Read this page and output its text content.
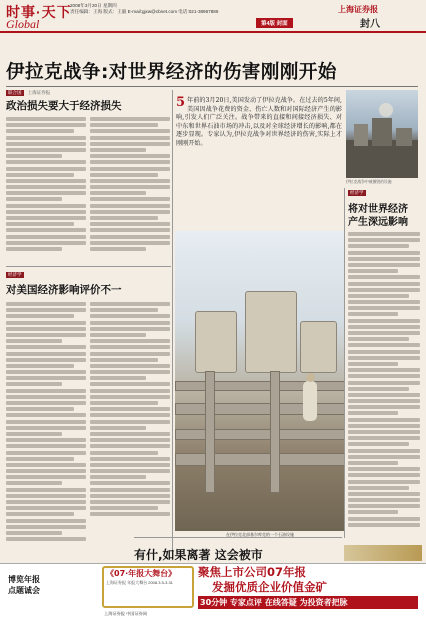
时事·天下
Global
2008年3月20日 星期四
责任编辑：王海 版式：王毅 E-mail:gjxw@cbnet.com 电话:021-38967886
第4版 封面
上海证券报
封八
伊拉克战争:对世界经济的伤害刚刚开始
联合国 上海证券报
政治损失要大于经济损失
经济学
对美国经济影响评价不一
5 年前的3月20日,美国发动了伊拉克战争。在过去的5年间,美国因战争花费的资金、伤亡人数和对国际经济产生的影响,引发人们广泛关注。战争带来的直接和间接经济损失、对中东和世界石油市场的冲击,以及对全球经济增长的影响,都在逐步显现。专家认为,伊拉克战争对世界经济的伤害,实际上才刚刚开始。
伊拉克战争中被摧毁的设施
在伊拉克北部基尔库克的一个石油设施
经济学
将对世界经济
产生深远影响
有什,如果离著 这会被市
博览年报
点题诚会
《07·年报大舞台》
上海证券报 年报大舞台 2008.3.5-3.31
聚焦上市公司07年报
发掘优质企业价值金矿
30分钟 专家点评 在线答疑 为投资者把脉
上海证券报 中国证券网
